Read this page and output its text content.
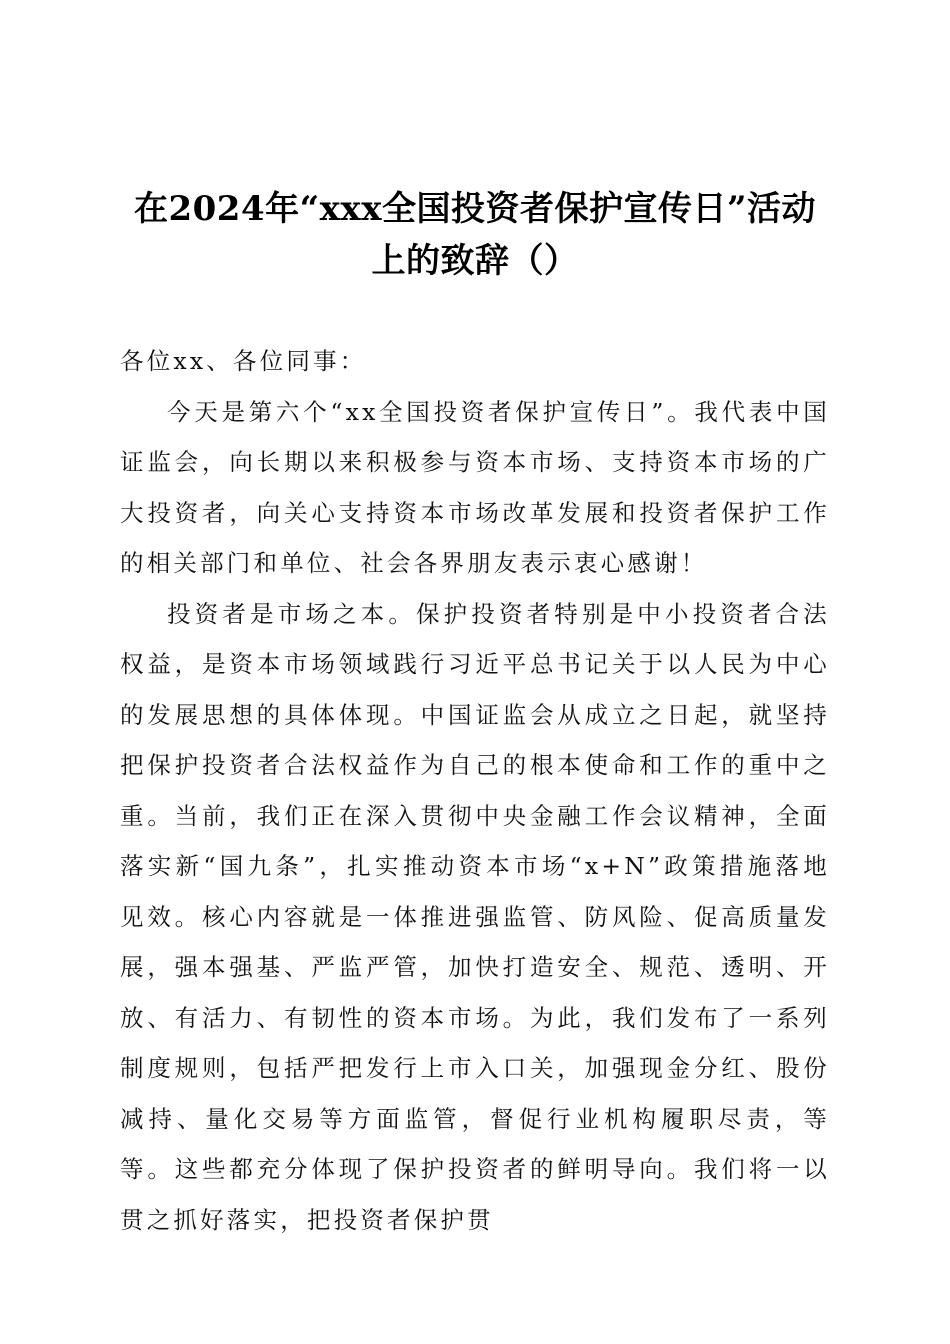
在2024年“xxx全国投资者保护宣传日”活动
上的致辞（）

各位xx、各位同事：

今天是第六个“xx全国投资者保护宣传日”。我代表中国证监会，向长期以来积极参与资本市场、支持资本市场的广大投资者，向关心支持资本市场改革发展和投资者保护工作的相关部门和单位、社会各界朋友表示衷心感谢！

投资者是市场之本。保护投资者特别是中小投资者合法权益，是资本市场领域践行习近平总书记关于以人民为中心的发展思想的具体体现。中国证监会从成立之日起，就坚持把保护投资者合法权益作为自己的根本使命和工作的重中之重。当前，我们正在深入贯彻中央金融工作会议精神，全面落实新“国九条”，扎实推动资本市场“x+N”政策措施落地见效。核心内容就是一体推进强监管、防风险、促高质量发展，强本强基、严监严管，加快打造安全、规范、透明、开放、有活力、有韧性的资本市场。为此，我们发布了一系列制度规则，包括严把发行上市入口关，加强现金分红、股份减持、量化交易等方面监管，督促行业机构履职尽责，等等。这些都充分体现了保护投资者的鲜明导向。我们将一以贯之抓好落实，把投资者保护贯
